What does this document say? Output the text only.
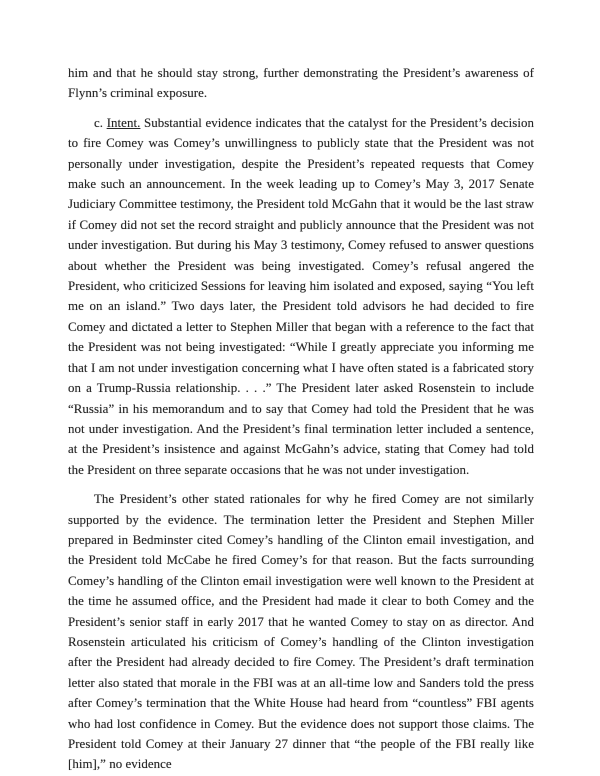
him and that he should stay strong, further demonstrating the President’s awareness of Flynn’s criminal exposure.

c. Intent. Substantial evidence indicates that the catalyst for the President’s decision to fire Comey was Comey’s unwillingness to publicly state that the President was not personally under investigation, despite the President’s repeated requests that Comey make such an announcement. In the week leading up to Comey’s May 3, 2017 Senate Judiciary Committee testimony, the President told McGahn that it would be the last straw if Comey did not set the record straight and publicly announce that the President was not under investigation. But during his May 3 testimony, Comey refused to answer questions about whether the President was being investigated. Comey’s refusal angered the President, who criticized Sessions for leaving him isolated and exposed, saying “You left me on an island.” Two days later, the President told advisors he had decided to fire Comey and dictated a letter to Stephen Miller that began with a reference to the fact that the President was not being investigated: “While I greatly appreciate you informing me that I am not under investigation concerning what I have often stated is a fabricated story on a Trump-Russia relationship. . . .” The President later asked Rosenstein to include “Russia” in his memorandum and to say that Comey had told the President that he was not under investigation. And the President’s final termination letter included a sentence, at the President’s insistence and against McGahn’s advice, stating that Comey had told the President on three separate occasions that he was not under investigation.

The President’s other stated rationales for why he fired Comey are not similarly supported by the evidence. The termination letter the President and Stephen Miller prepared in Bedminster cited Comey’s handling of the Clinton email investigation, and the President told McCabe he fired Comey’s for that reason. But the facts surrounding Comey’s handling of the Clinton email investigation were well known to the President at the time he assumed office, and the President had made it clear to both Comey and the President’s senior staff in early 2017 that he wanted Comey to stay on as director. And Rosenstein articulated his criticism of Comey’s handling of the Clinton investigation after the President had already decided to fire Comey. The President’s draft termination letter also stated that morale in the FBI was at an all-time low and Sanders told the press after Comey’s termination that the White House had heard from “countless” FBI agents who had lost confidence in Comey. But the evidence does not support those claims. The President told Comey at their January 27 dinner that “the people of the FBI really like [him],” no evidence
